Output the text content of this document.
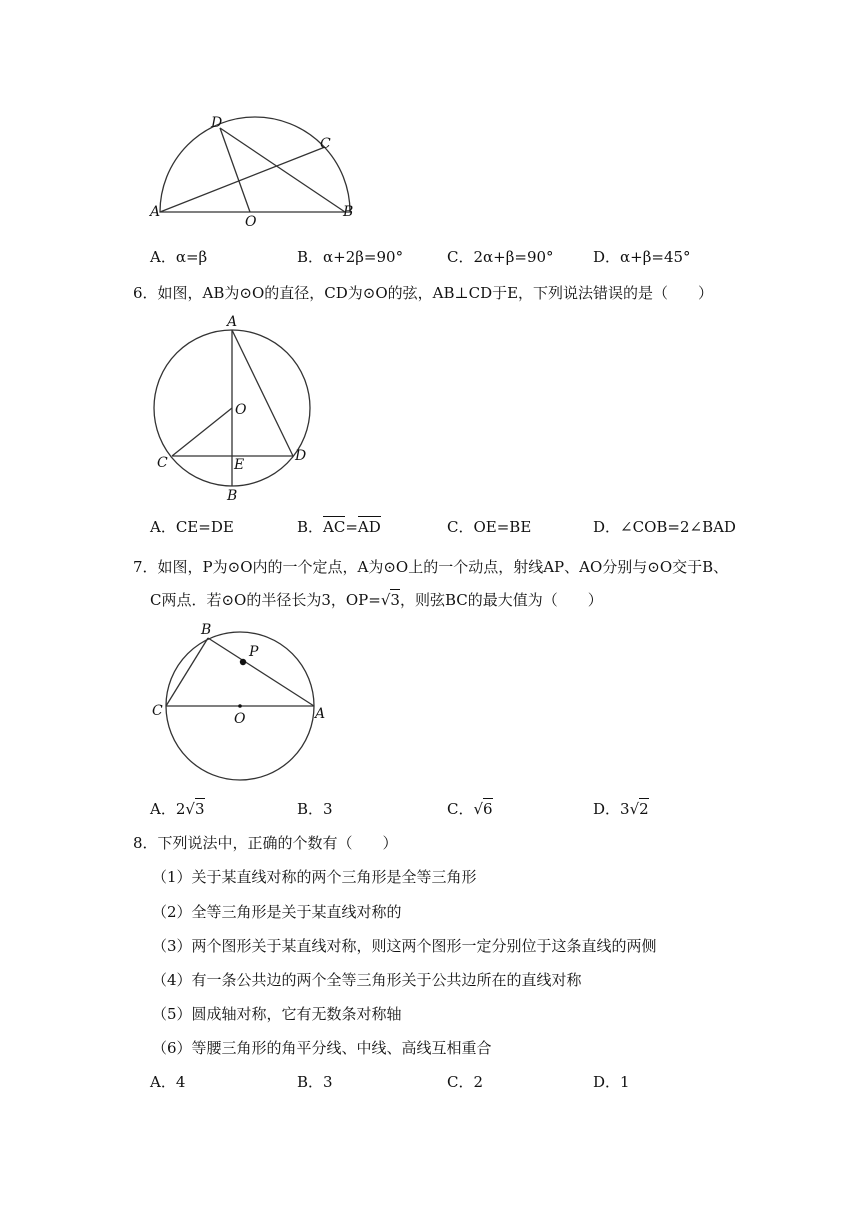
D
C
A
O
B
A．α=β	B．α+2β=90°	C．2α+β=90°	D．α+β=45°
6．如图，AB为⊙O的直径，CD为⊙O的弦，AB⊥CD于E，下列说法错误的是（　　）
A
O
C	E
D
B
A．CE=DE	B．AC=AD	C．OE=BE	D．∠COB=2∠BAD
7．如图，P为⊙O内的一个定点，A为⊙O上的一个动点，射线AP、AO分别与⊙O交于B、
C两点．若⊙O的半径长为3，OP=√3，则弦BC的最大值为（　　）
B
P
C	O	A
A．2√3	B．3	C．√6	D．3√2
8．下列说法中，正确的个数有（　　）
（1）关于某直线对称的两个三角形是全等三角形
（2）全等三角形是关于某直线对称的
（3）两个图形关于某直线对称，则这两个图形一定分别位于这条直线的两侧
（4）有一条公共边的两个全等三角形关于公共边所在的直线对称
（5）圆成轴对称，它有无数条对称轴
（6）等腰三角形的角平分线、中线、高线互相重合
A．4	B．3	C．2	D．1
